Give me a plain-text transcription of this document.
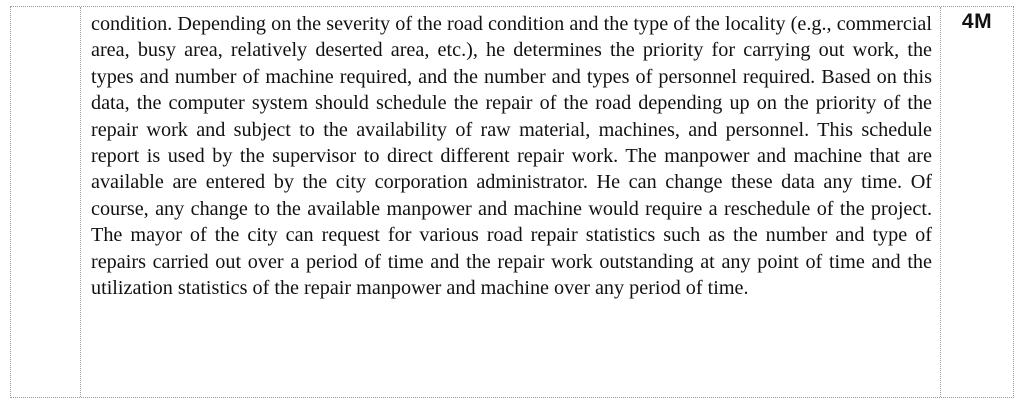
condition. Depending on the severity of the road condition and the type of the locality (e.g., commercial area, busy area, relatively deserted area, etc.), he determines the priority for carrying out work, the types and number of machine required, and the number and types of personnel required. Based on this data, the computer system should schedule the repair of the road depending up on the priority of the repair work and subject to the availability of raw material, machines, and personnel. This schedule report is used by the supervisor to direct different repair work. The manpower and machine that are available are entered by the city corporation administrator. He can change these data any time. Of course, any change to the available manpower and machine would require a reschedule of the project. The mayor of the city can request for various road repair statistics such as the number and type of repairs carried out over a period of time and the repair work outstanding at any point of time and the utilization statistics of the repair manpower and machine over any period of time.

4M
